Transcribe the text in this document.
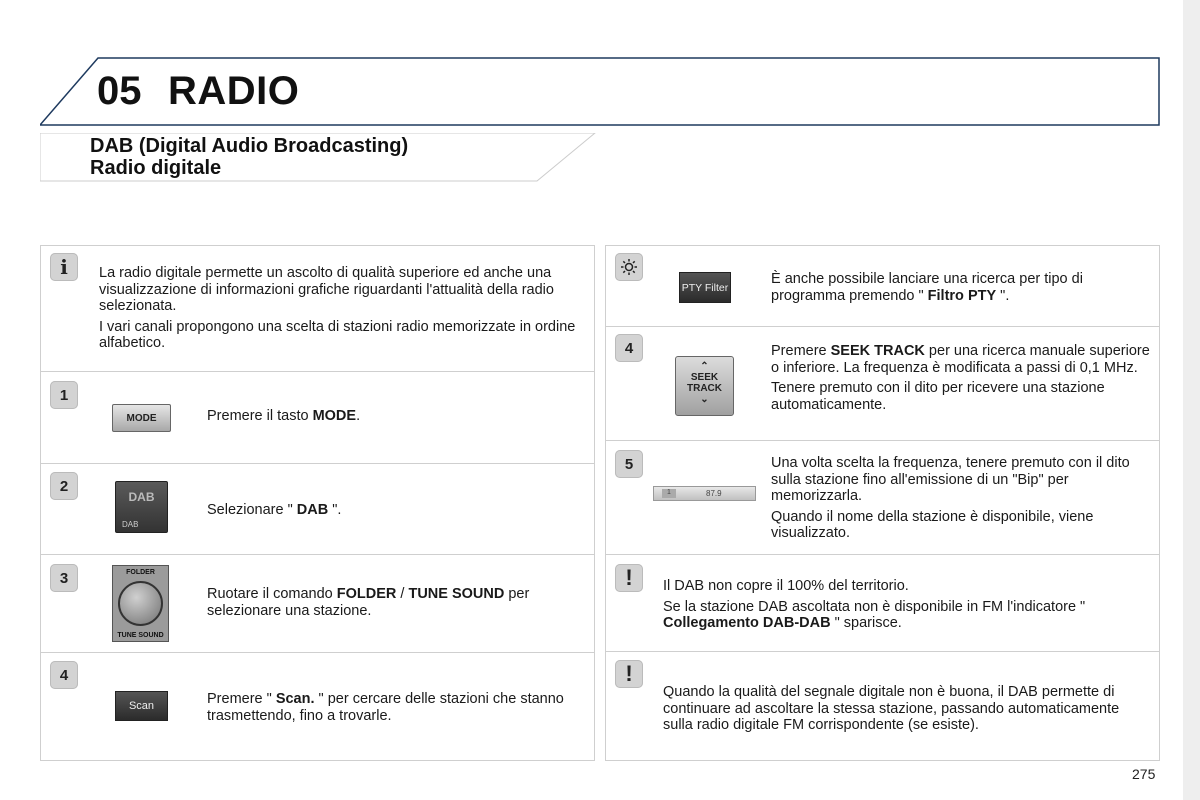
05 RADIO
DAB (Digital Audio Broadcasting)
Radio digitale
i	La radio digitale permette un ascolto di qualità superiore ed anche una visualizzazione di informazioni grafiche riguardanti l'attualità della radio selezionata.

I vari canali propongono una scelta di stazioni radio memorizzate in ordine alfabetico.

1
MODE	Premere il tasto MODE.
2
DAB
DAB
Selezionare " DAB ".
3	FOLDER
TUNE SOUND
Ruotare il comando FOLDER / TUNE SOUND per selezionare una stazione.
4
Scan	Premere " Scan. " per cercare delle stazioni che stanno trasmettendo, fino a trovarle.
PTY Filter
È anche possibile lanciare una ricerca per tipo di programma premendo " Filtro PTY ".
4
⌃
SEEK
TRACK
⌄

Premere SEEK TRACK per una ricerca manuale superiore o inferiore. La frequenza è modificata a passi di 0,1 MHz.

Tenere premuto con il dito per ricevere una stazione automaticamente.

5
1	87.9

Una volta scelta la frequenza, tenere premuto con il dito sulla stazione fino all'emissione di un "Bip" per memorizzarla.

Quando il nome della stazione è disponibile, viene visualizzato.

!	Il DAB non copre il 100% del territorio.

Se la stazione DAB ascoltata non è disponibile in FM l'indicatore " Collegamento DAB-DAB " sparisce.

!

Quando la qualità del segnale digitale non è buona, il DAB permette di continuare ad ascoltare la stessa stazione, passando automaticamente sulla radio digitale FM corrispondente (se esiste).

275
